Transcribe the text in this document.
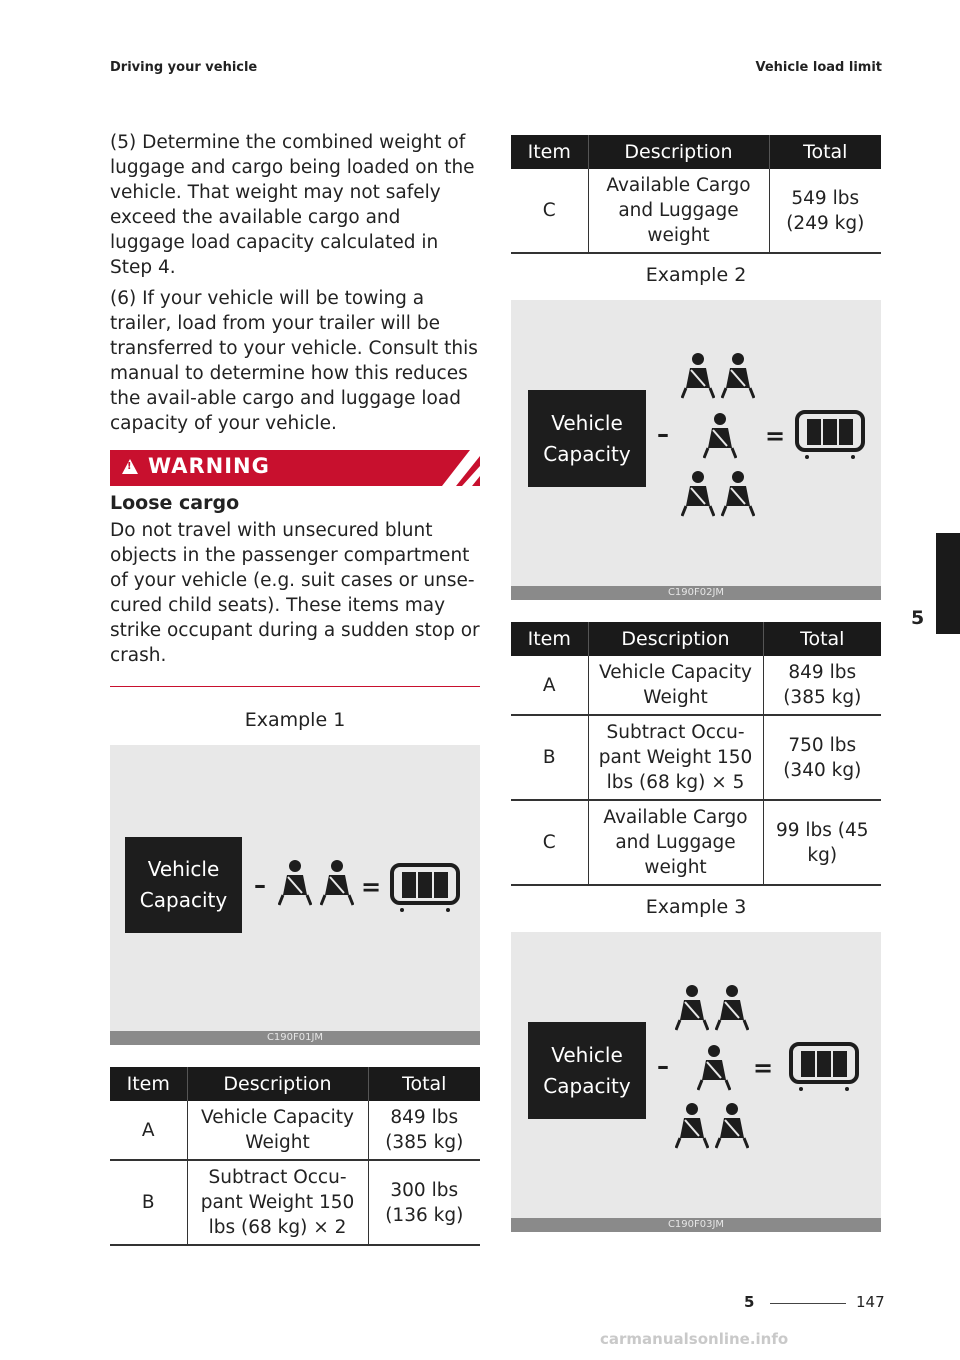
Driving your vehicle	Vehicle load limit

(5) Determine the combined weight of luggage and cargo being loaded on the vehicle. That weight may not safely exceed the available cargo and luggage load capacity calculated in Step 4.

(6) If your vehicle will be towing a trailer, load from your trailer will be transferred to your vehicle. Consult this manual to determine how this reduces the avail-able cargo and luggage load capacity of your vehicle.

!
WARNING
Loose cargo

Do not travel with unsecured blunt objects in the passenger compartment of your vehicle (e.g. suit cases or unse-cured child seats). These items may strike occupant during a sudden stop or crash.

Example 1
Vehicle
Capacity
–	=
C190F01JM
Item	Description	Total
A	Vehicle Capacity Weight	849 lbs (385 kg)
B	Subtract Occu-pant Weight 150 lbs (68 kg) × 2	300 lbs (136 kg)
Item	Description	Total
C	Available Cargo and Luggage weight	549 lbs (249 kg)
Example 2
Vehicle
Capacity
–	=
C190F02JM
Item	Description	Total
A	Vehicle Capacity Weight	849 lbs (385 kg)
B	Subtract Occu-pant Weight 150 lbs (68 kg) × 5	750 lbs (340 kg)
C	Available Cargo and Luggage weight	99 lbs (45 kg)
Example 3
Vehicle
Capacity
–	=
C190F03JM
5
5	147
carmanualsonline.info
